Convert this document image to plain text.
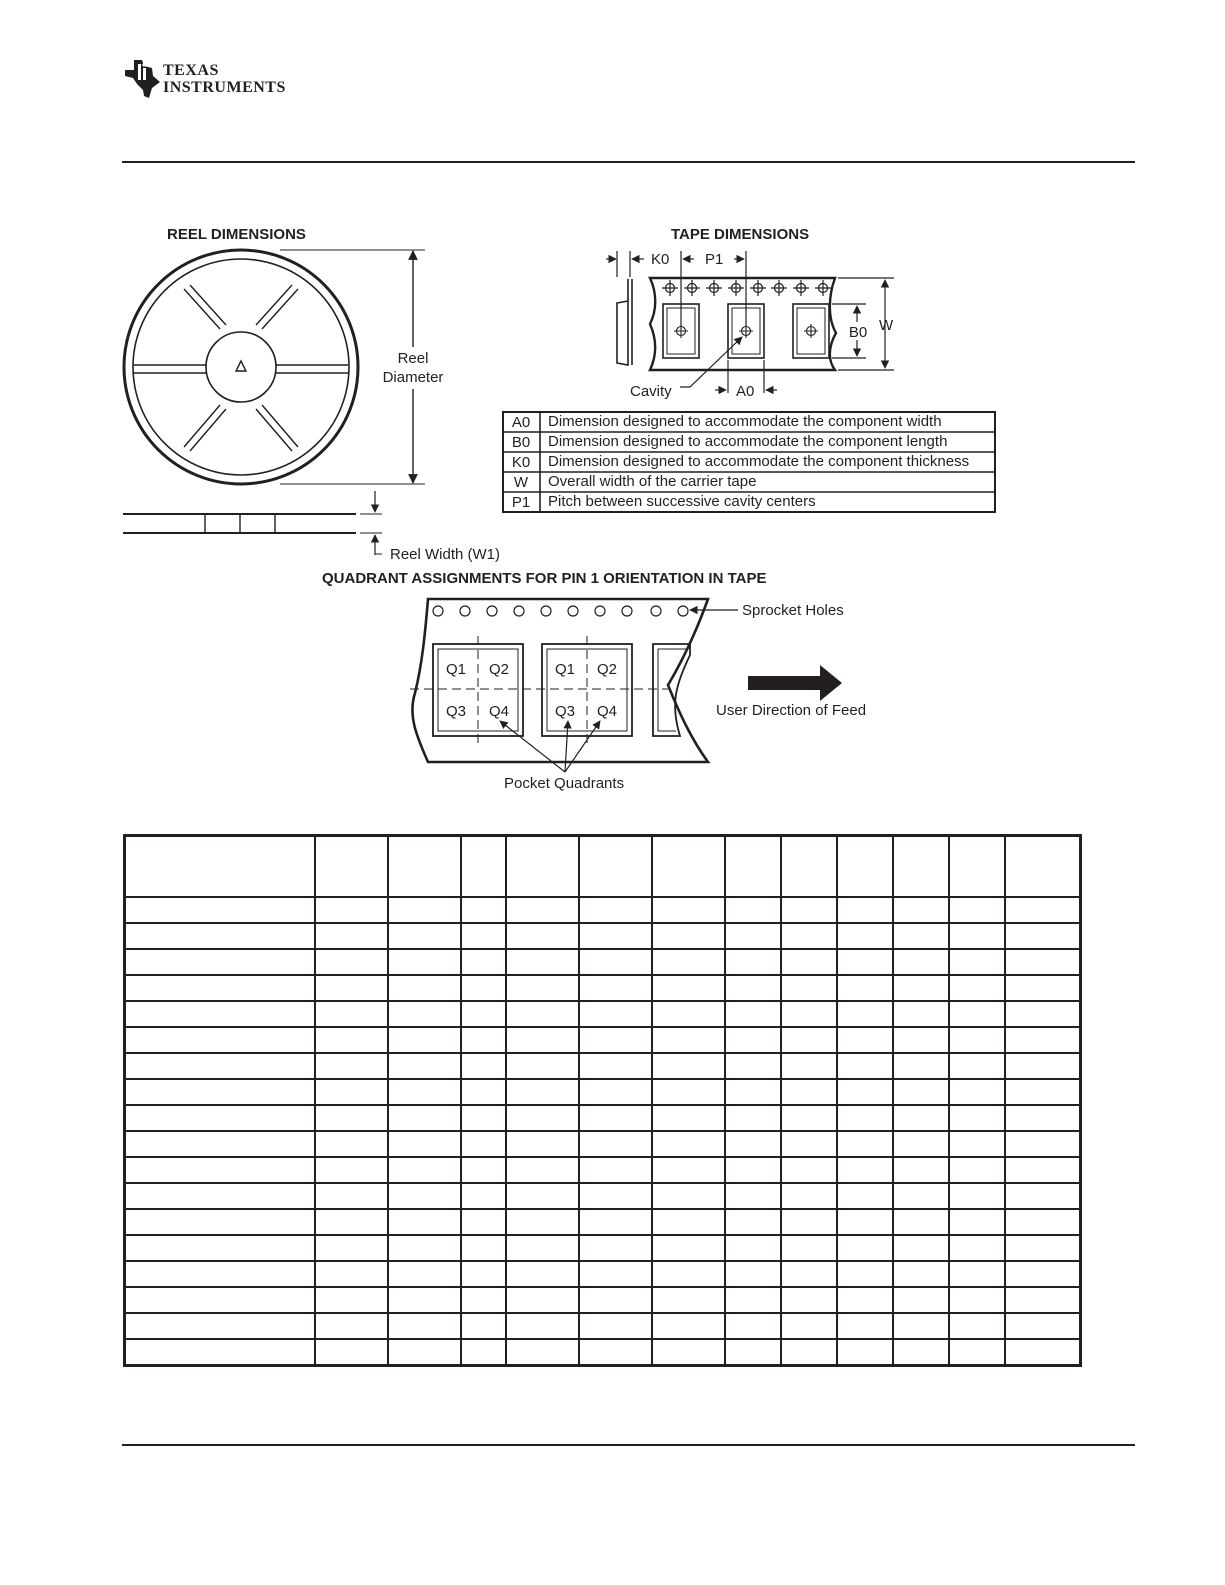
TEXAS
INSTRUMENTS
REEL DIMENSIONS
Reel
Diameter
Reel Width (W1)
TAPE DIMENSIONS
K0 P1
B0 W
A0
Cavity
A0 Dimension designed to accommodate the component width
B0 Dimension designed to accommodate the component length
K0 Dimension designed to accommodate the component thickness
W Overall width of the carrier tape
P1 Pitch between successive cavity centers
QUADRANT ASSIGNMENTS FOR PIN 1 ORIENTATION IN TAPE
Q1 Q2
Q3 Q4
Q1 Q2
Q3 Q4
Sprocket Holes
User Direction of Feed
Pocket Quadrants
